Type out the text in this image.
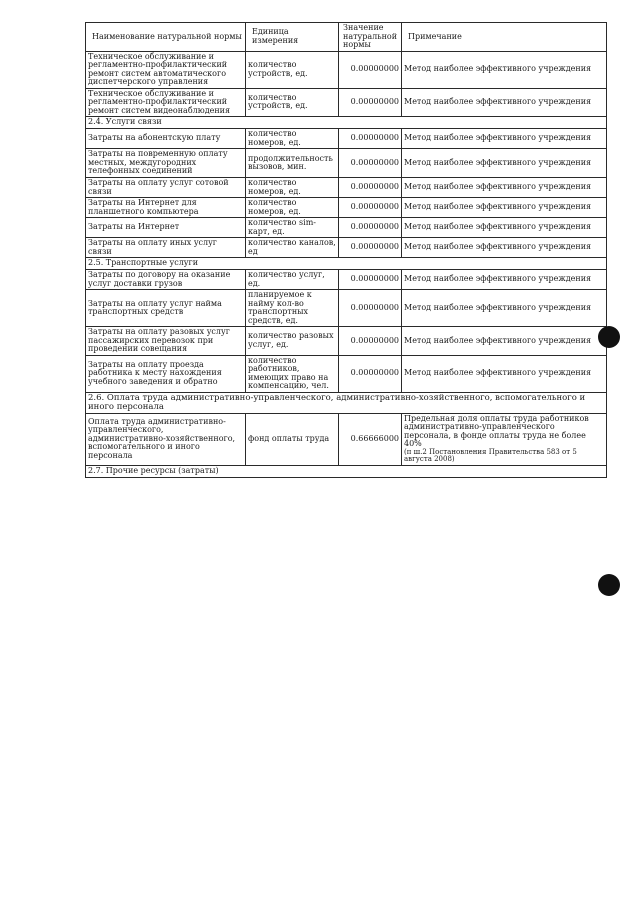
Наименование натуральной нормы	Единица измерения	Значение натуральной нормы	Примечание
Техническое обслуживание и регламентно-профилактический ремонт систем автоматического диспетчерского управления	количество устройств, ед.	0.00000000	Метод наиболее эффективного учреждения
Техническое обслуживание и регламентно-профилактический ремонт систем видеонаблюдения	количество устройств, ед.	0.00000000	Метод наиболее эффективного учреждения
2.4. Услуги связи			
Затраты на абонентскую плату	количество номеров, ед.	0.00000000	Метод наиболее эффективного учреждения
Затраты на повременную оплату местных, междугородних телефонных соединений	продолжительность вызовов, мин.	0.00000000	Метод наиболее эффективного учреждения
Затраты на оплату услуг сотовой связи	количество номеров, ед.	0.00000000	Метод наиболее эффективного учреждения
Затраты на Интернет для планшетного компьютера	количество номеров, ед.	0.00000000	Метод наиболее эффективного учреждения
Затраты на Интернет	количество sim-карт, ед.	0.00000000	Метод наиболее эффективного учреждения
Затраты на оплату иных услуг связи	количество каналов, ед	0.00000000	Метод наиболее эффективного учреждения
2.5. Транспортные услуги			
Затраты по договору на оказание услуг доставки грузов	количество услуг, ед.	0.00000000	Метод наиболее эффективного учреждения
Затраты на оплату услуг найма транспортных средств	планируемое к найму кол-во транспортных средств, ед.	0.00000000	Метод наиболее эффективного учреждения
Затраты на оплату разовых услуг пассажирских перевозок при проведении совещания	количество разовых услуг, ед.	0.00000000	Метод наиболее эффективного учреждения
Затраты на оплату проезда работника к месту нахождения учебного заведения и обратно	количество работников, имеющих право на компенсацию, чел.	0.00000000	Метод наиболее эффективного учреждения
2.6. Оплата труда административно-управленческого, административно-хозяйственного, вспомогательного и иного персонала			
Оплата труда административно-управленческого, административно-хозяйственного, вспомогательного и иного персонала	фонд оплаты труда	0.66666000	Предельная доля оплаты труда работников административно-управленческого персонала, в фонде оплаты труда не более 40%
(п ш.2 Постановления Правительства 583 от 5 августа 2008)

2.7. Прочие ресурсы (затраты)			
